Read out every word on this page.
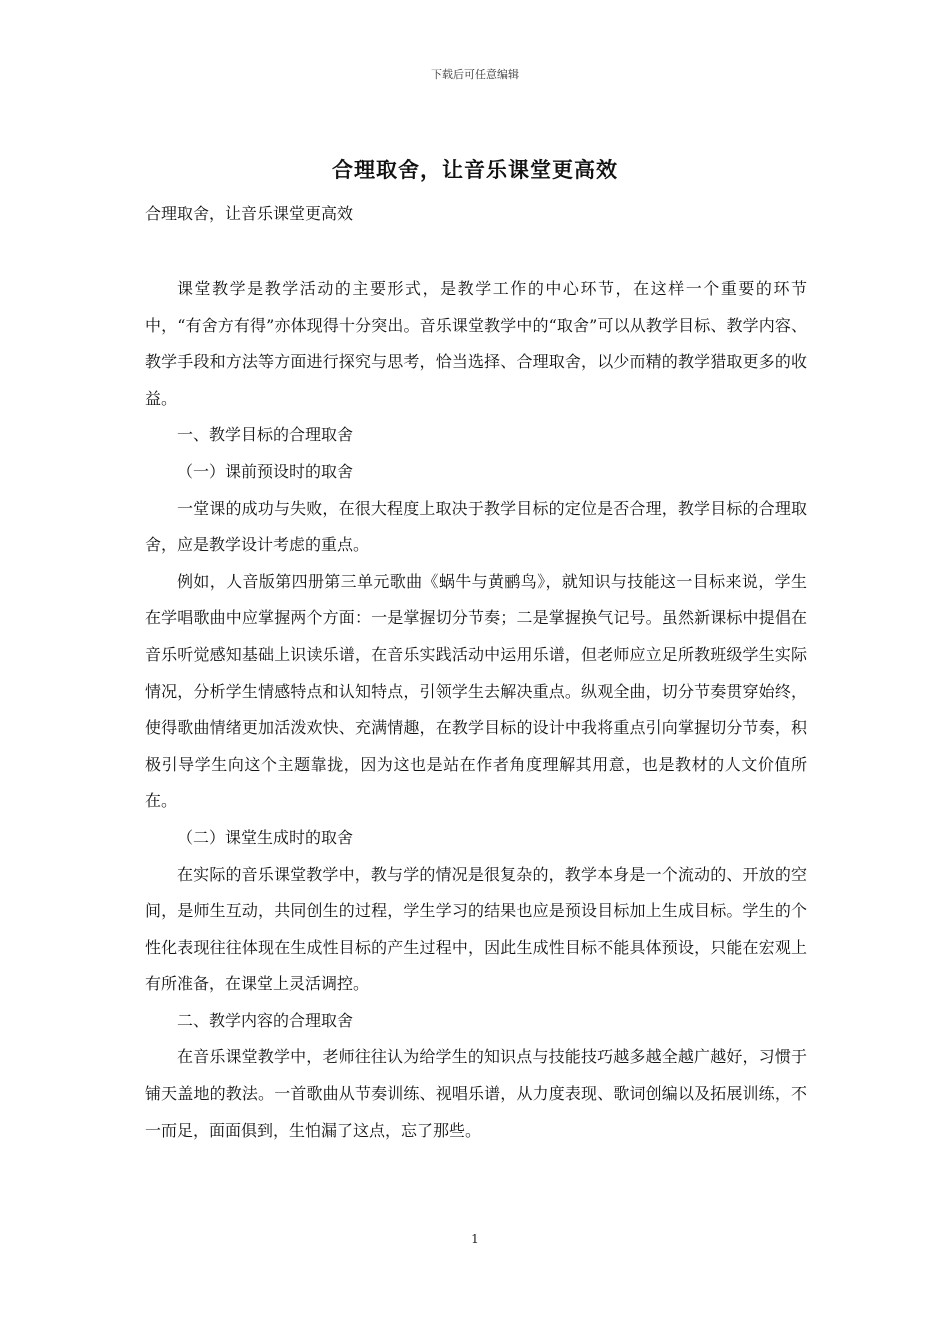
下载后可任意编辑
合理取舍，让音乐课堂更高效
合理取舍，让音乐课堂更高效

课堂教学是教学活动的主要形式，是教学工作的中心环节，在这样一个重要的环节中，“有舍方有得”亦体现得十分突出。音乐课堂教学中的“取舍”可以从教学目标、教学内容、教学手段和方法等方面进行探究与思考，恰当选择、合理取舍，以少而精的教学猎取更多的收益。

一、教学目标的合理取舍

（一）课前预设时的取舍

一堂课的成功与失败，在很大程度上取决于教学目标的定位是否合理，教学目标的合理取舍，应是教学设计考虑的重点。

例如，人音版第四册第三单元歌曲《蜗牛与黄鹂鸟》，就知识与技能这一目标来说，学生在学唱歌曲中应掌握两个方面：一是掌握切分节奏；二是掌握换气记号。虽然新课标中提倡在音乐听觉感知基础上识读乐谱，在音乐实践活动中运用乐谱，但老师应立足所教班级学生实际情况，分析学生情感特点和认知特点，引领学生去解决重点。纵观全曲，切分节奏贯穿始终，使得歌曲情绪更加活泼欢快、充满情趣，在教学目标的设计中我将重点引向掌握切分节奏，积极引导学生向这个主题靠拢，因为这也是站在作者角度理解其用意，也是教材的人文价值所在。

（二）课堂生成时的取舍

在实际的音乐课堂教学中，教与学的情况是很复杂的，教学本身是一个流动的、开放的空间，是师生互动，共同创生的过程，学生学习的结果也应是预设目标加上生成目标。学生的个性化表现往往体现在生成性目标的产生过程中，因此生成性目标不能具体预设，只能在宏观上有所准备，在课堂上灵活调控。

二、教学内容的合理取舍

在音乐课堂教学中，老师往往认为给学生的知识点与技能技巧越多越全越广越好，习惯于铺天盖地的教法。一首歌曲从节奏训练、视唱乐谱，从力度表现、歌词创编以及拓展训练，不一而足，面面俱到，生怕漏了这点，忘了那些。

1
